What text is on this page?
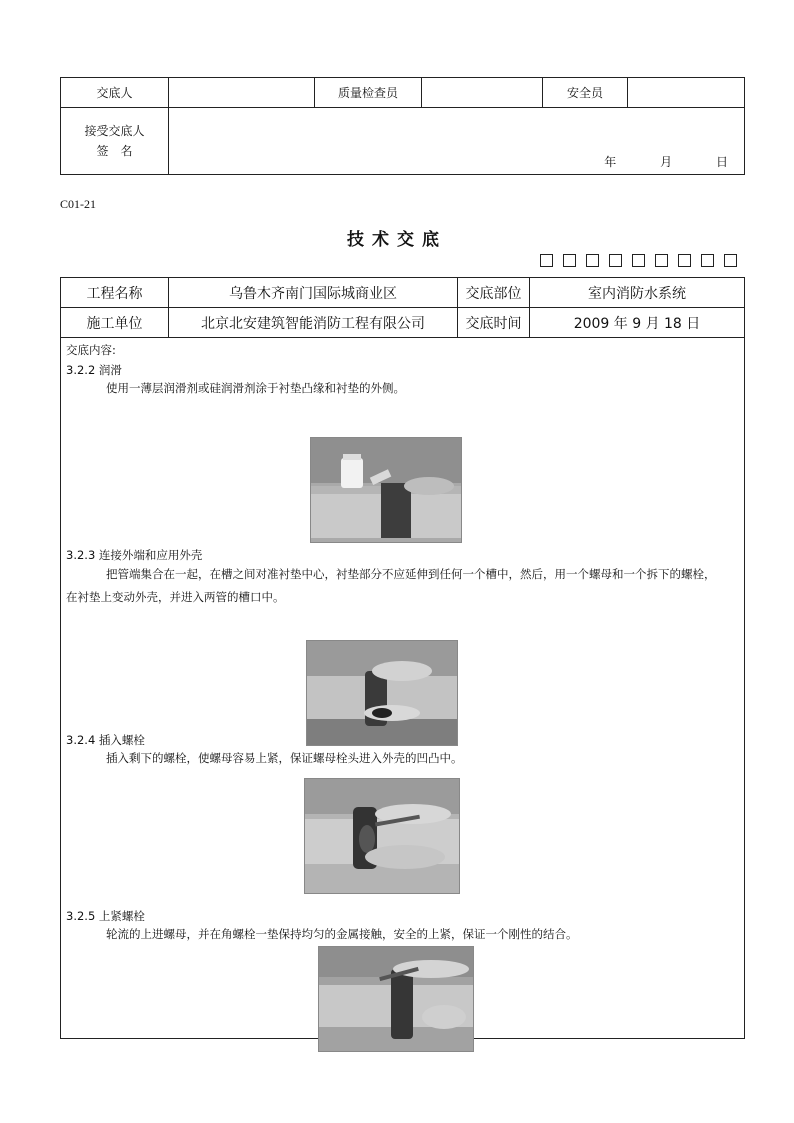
交底人		质量检查员		安全员	

接受交底人
签　名	年 月 日				
C01-21
技术交底
工程名称	乌鲁木齐南门国际城商业区	交底部位	室内消防水系统
施工单位	北京北安建筑智能消防工程有限公司	交底时间	2009 年 9 月 18 日
交底内容:
3.2.2 润滑
使用一薄层润滑剂或硅润滑剂涂于衬垫凸缘和衬垫的外侧。
3.2.3 连接外端和应用外壳
把管端集合在一起，在槽之间对准衬垫中心，衬垫部分不应延伸到任何一个槽中，然后，用一个螺母和一个拆下的螺栓，
在衬垫上变动外壳，并进入两管的槽口中。
3.2.4 插入螺栓
插入剩下的螺栓，使螺母容易上紧，保证螺母栓头进入外壳的凹凸中。
3.2.5 上紧螺栓
轮流的上进螺母，并在角螺栓一垫保持均匀的金属接触，安全的上紧，保证一个刚性的结合。
